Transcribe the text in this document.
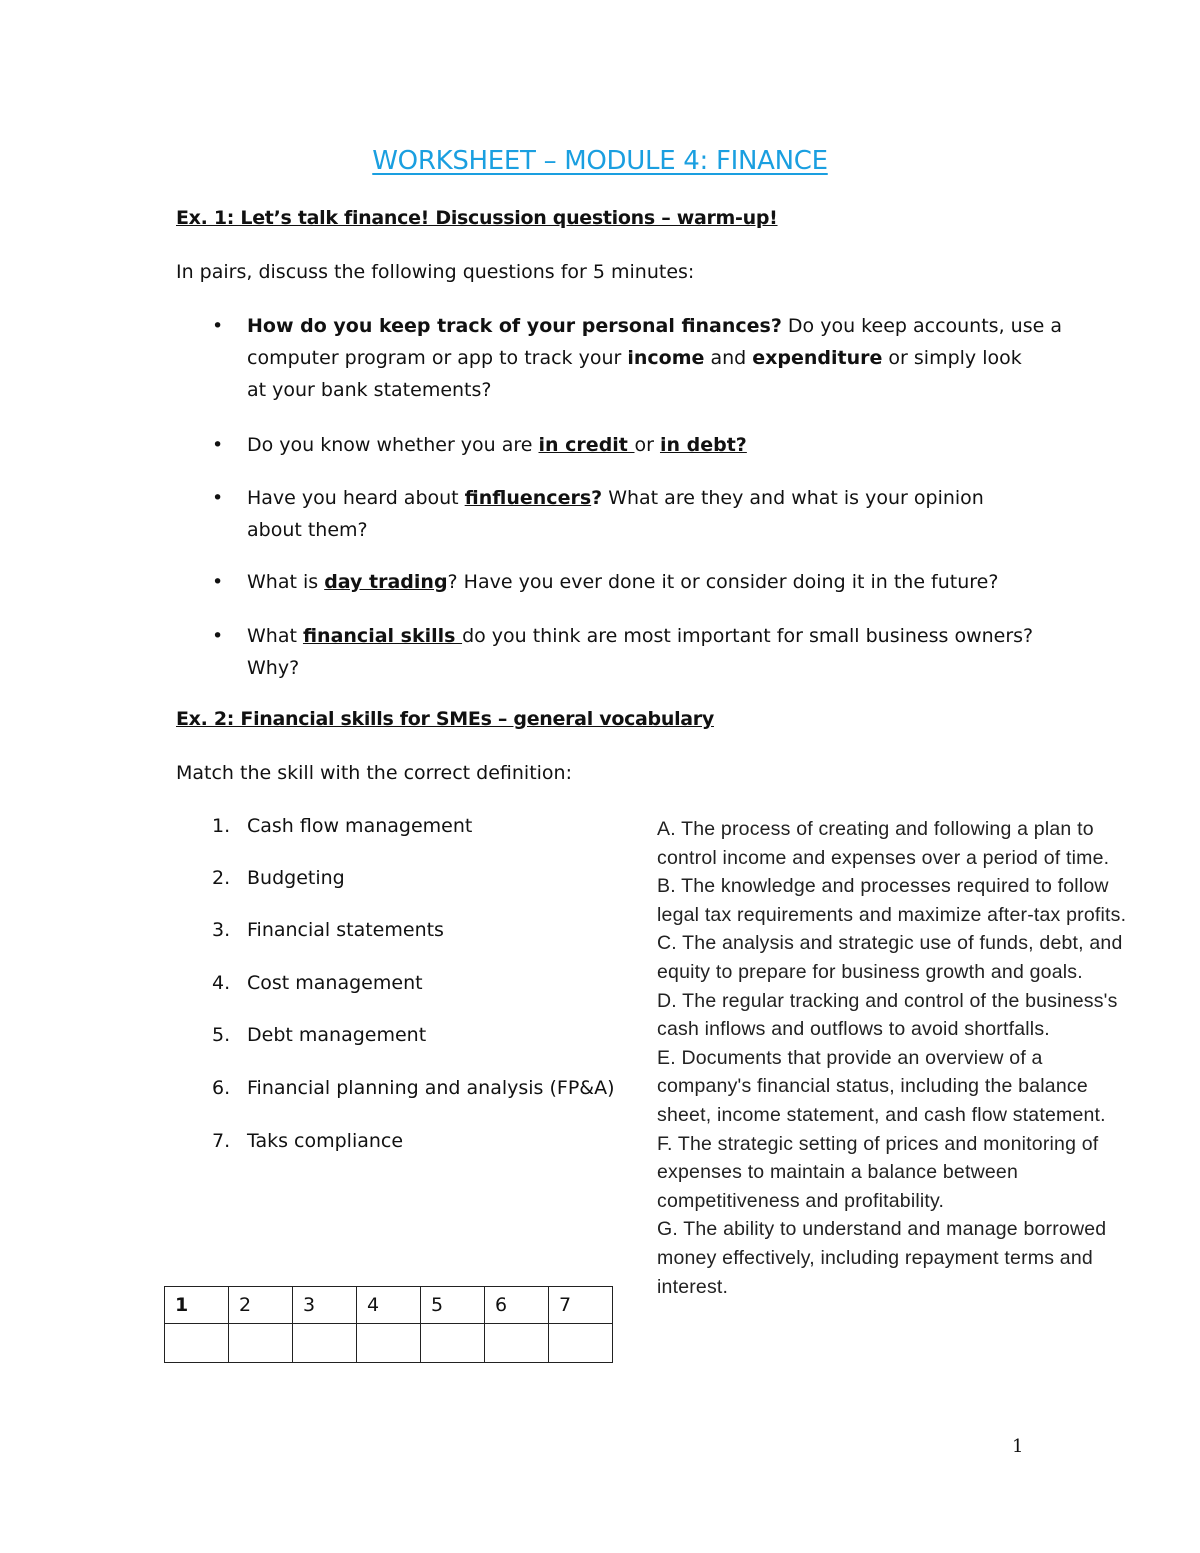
WORKSHEET – MODULE 4: FINANCE
Ex. 1: Let’s talk finance! Discussion questions – warm-up!
In pairs, discuss the following questions for 5 minutes:
• How do you keep track of your personal finances? Do you keep accounts, use a
computer program or app to track your income and expenditure or simply look
at your bank statements?
• Do you know whether you are in credit or in debt?
• Have you heard about finfluencers? What are they and what is your opinion
about them?
• What is day trading? Have you ever done it or consider doing it in the future?
• What financial skills do you think are most important for small business owners?
Why?
Ex. 2: Financial skills for SMEs – general vocabulary
Match the skill with the correct definition:
1. Cash flow management
2. Budgeting
3. Financial statements
4. Cost management
5. Debt management
6. Financial planning and analysis (FP&A)
7. Taks compliance
A. The process of creating and following a plan to control income and expenses over a period of time.
B. The knowledge and processes required to follow legal tax requirements and maximize after-tax profits.
C. The analysis and strategic use of funds, debt, and equity to prepare for business growth and goals.
D. The regular tracking and control of the business's cash inflows and outflows to avoid shortfalls.
E. Documents that provide an overview of a company's financial status, including the balance sheet, income statement, and cash flow statement.
F. The strategic setting of prices and monitoring of expenses to maintain a balance between competitiveness and profitability.
G. The ability to understand and manage borrowed money effectively, including repayment terms and interest.
1	2	3	4	5	6	7

1
